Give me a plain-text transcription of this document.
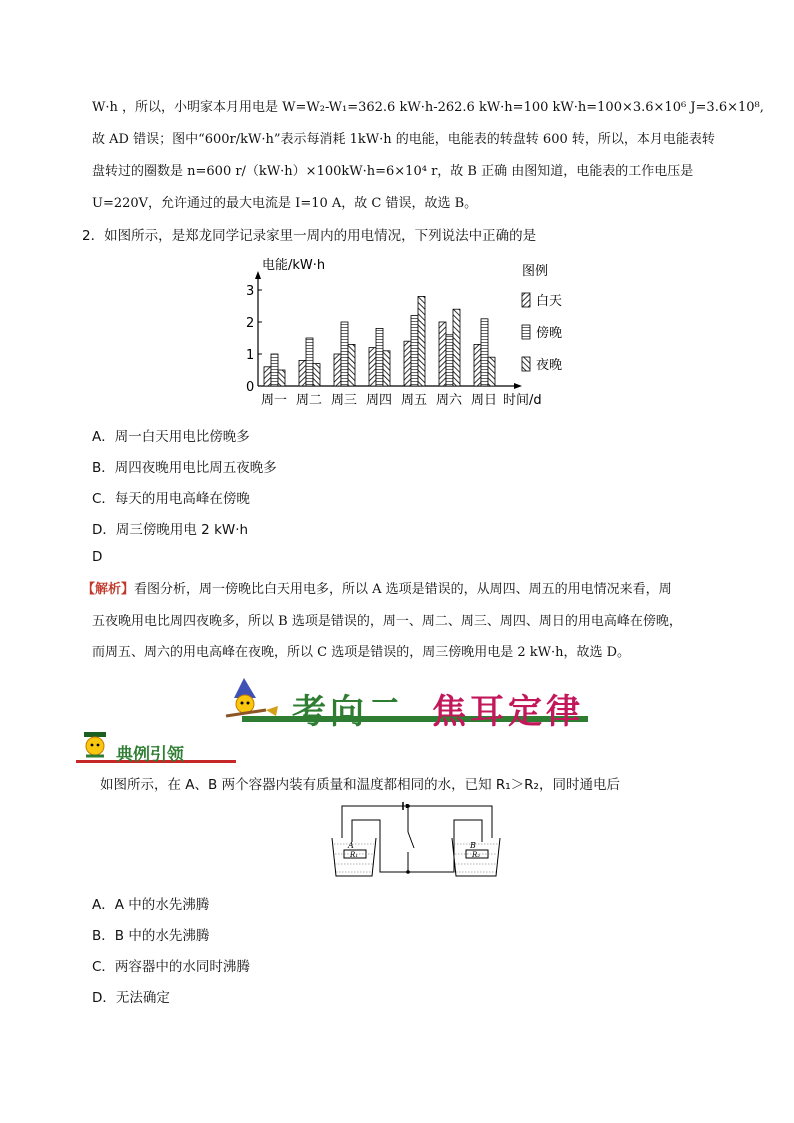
W·h ，所以，小明家本月用电是 W=W₂-W₁=362.6 kW·h-262.6 kW·h=100 kW·h=100×3.6×10⁶ J=3.6×10⁸,
故 AD 错误；图中“600r/kW·h”表示每消耗 1kW·h 的电能，电能表的转盘转 600 转，所以，本月电能表转
盘转过的圈数是 n=600 r/（kW·h）×100kW·h=6×10⁴ r，故 B 正确 由图知道，电能表的工作电压是
U=220V，允许通过的最大电流是 I=10 A，故 C 错误，故选 B。
2．如图所示，是郑龙同学记录家里一周内的用电情况，下列说法中正确的是
0
1
2
3
电能/kW·h
周一 周二 周三 周四 周五 周六 周日 时间/d
图例
白天
傍晚
夜晚
A．周一白天用电比傍晚多
B．周四夜晚用电比周五夜晚多
C．每天的用电高峰在傍晚
D．周三傍晚用电 2 kW·h
D
【解析】看图分析，周一傍晚比白天用电多，所以 A 选项是错误的，从周四、周五的用电情况来看，周
五夜晚用电比周四夜晚多，所以 B 选项是错误的，周一、周二、周三、周四、周日的用电高峰在傍晚，
而周五、周六的用电高峰在夜晚，所以 C 选项是错误的，周三傍晚用电是 2 kW·h，故选 D。
考向二 焦耳定律
典例引领
如图所示，在 A、B 两个容器内装有质量和温度都相同的水，已知 R₁＞R₂，同时通电后
A	B
R₁	R₂
A．A 中的水先沸腾
B．B 中的水先沸腾
C．两容器中的水同时沸腾
D．无法确定
